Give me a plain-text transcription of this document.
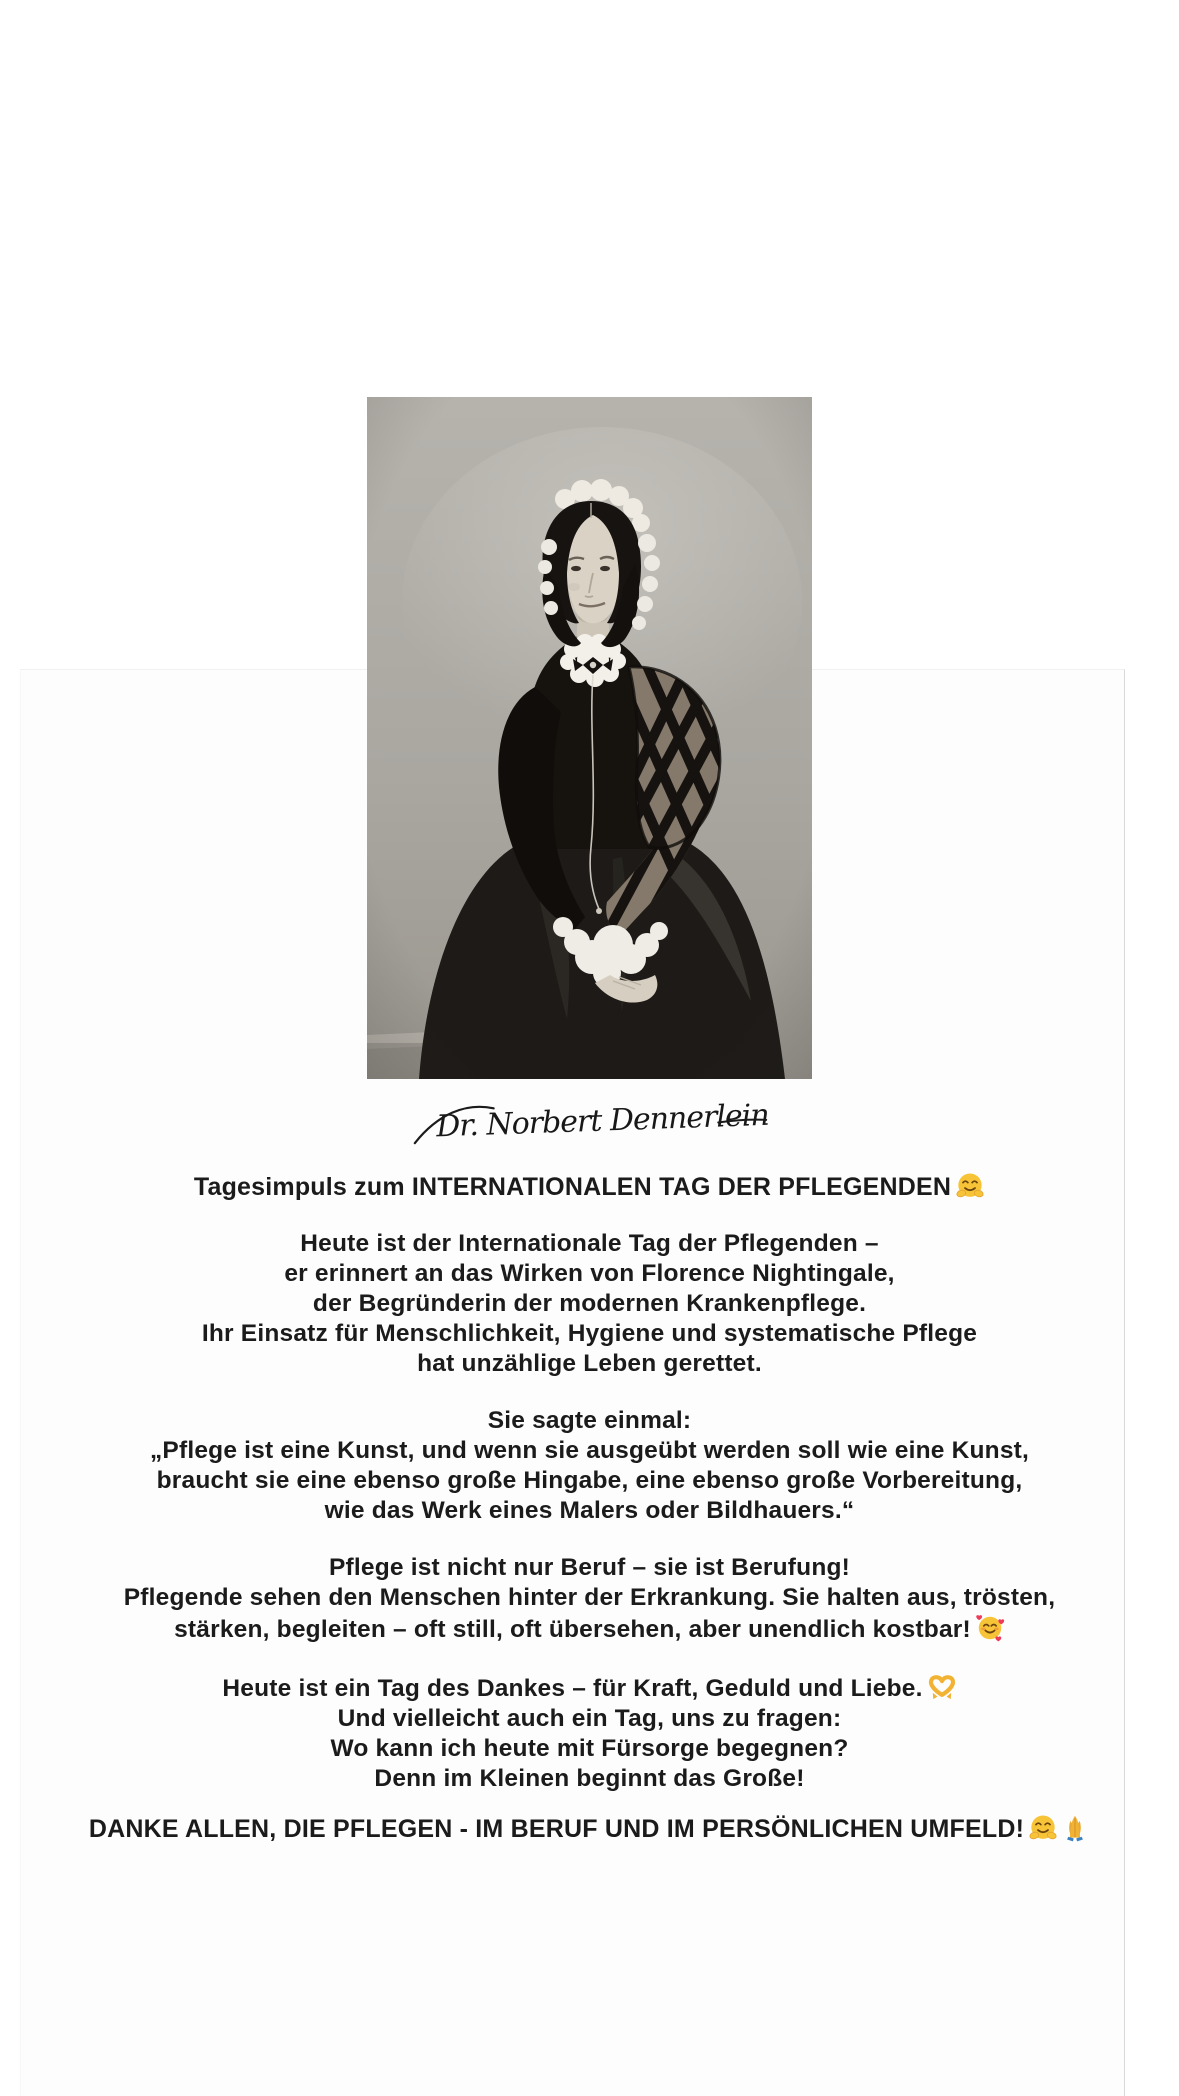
Dr. Norbert Dennerlein
Tagesimpuls zum INTERNATIONALEN TAG DER PFLEGENDEN

Heute ist der Internationale Tag der Pflegenden –
er erinnert an das Wirken von Florence Nightingale,
der Begründerin der modernen Krankenpflege.
Ihr Einsatz für Menschlichkeit, Hygiene und systematische Pflege
hat unzählige Leben gerettet.

Sie sagte einmal:
„Pflege ist eine Kunst, und wenn sie ausgeübt werden soll wie eine Kunst,
braucht sie eine ebenso große Hingabe, eine ebenso große Vorbereitung,
wie das Werk eines Malers oder Bildhauers.“

Pflege ist nicht nur Beruf – sie ist Berufung!
Pflegende sehen den Menschen hinter der Erkrankung. Sie halten aus, trösten,
stärken, begleiten – oft still, oft übersehen, aber unendlich kostbar!

Heute ist ein Tag des Dankes – für Kraft, Geduld und Liebe.
Und vielleicht auch ein Tag, uns zu fragen:
Wo kann ich heute mit Fürsorge begegnen?
Denn im Kleinen beginnt das Große!

DANKE ALLEN, DIE PFLEGEN - IM BERUF UND IM PERSÖNLICHEN UMFELD!
